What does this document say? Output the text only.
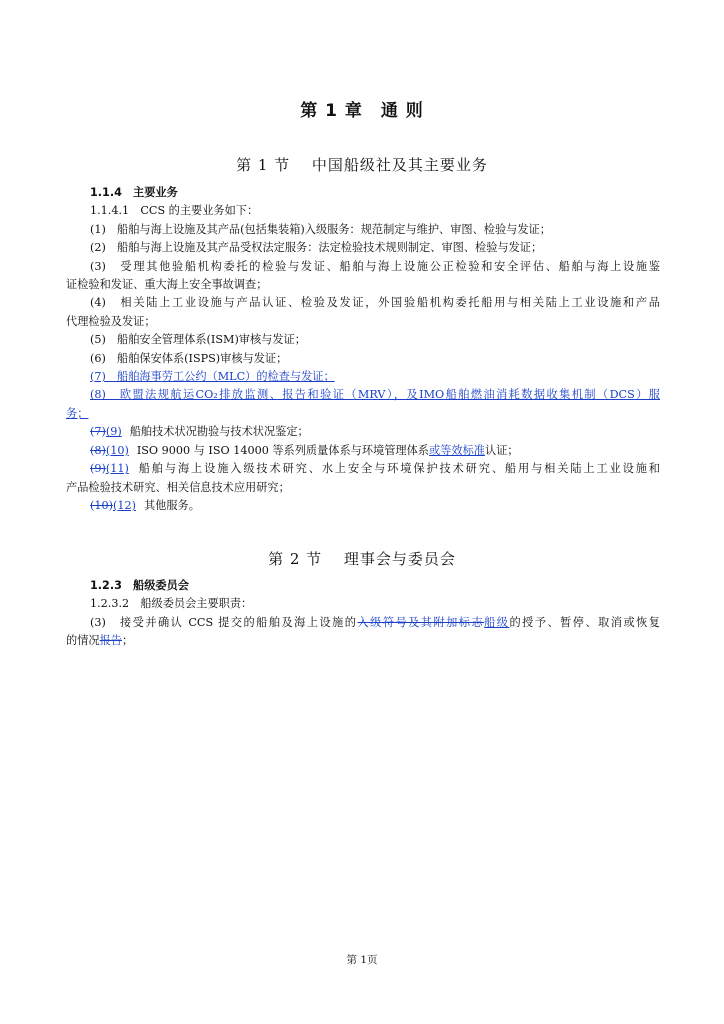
第 1 章　通 则
第 1 节　 中国船级社及其主要业务
1.1.4　主要业务
1.1.4.1　CCS 的主要业务如下：
(1)　船舶与海上设施及其产品(包括集装箱)入级服务：规范制定与维护、审图、检验与发证；
(2)　船舶与海上设施及其产品受权法定服务：法定检验技术规则制定、审图、检验与发证；
(3)　受理其他验船机构委托的检验与发证、船舶与海上设施公正检验和安全评估、船舶与海上设施鉴
证检验和发证、重大海上安全事故调查；
(4)　相关陆上工业设施与产品认证、检验及发证，外国验船机构委托船用与相关陆上工业设施和产品
代理检验及发证；
(5)　船舶安全管理体系(ISM)审核与发证；
(6)　船舶保安体系(ISPS)审核与发证；
(7)　船舶海事劳工公约（MLC）的检查与发证；
(8)　欧盟法规航运CO₂排放监测、报告和验证（MRV），及IMO船舶燃油消耗数据收集机制（DCS）服
务；
(7)(9) 船舶技术状况勘验与技术状况鉴定；
(8)(10) ISO 9000 与 ISO 14000 等系列质量体系与环境管理体系或等效标准认证；
(9)(11) 船舶与海上设施入级技术研究、水上安全与环境保护技术研究、船用与相关陆上工业设施和
产品检验技术研究、相关信息技术应用研究；
(10)(12) 其他服务。
第 2 节　 理事会与委员会
1.2.3　船级委员会
1.2.3.2　船级委员会主要职责：
(3)　接受并确认 CCS 提交的船舶及海上设施的入级符号及其附加标志船级的授予、暂停、取消或恢复
的情况报告；
第 1页
